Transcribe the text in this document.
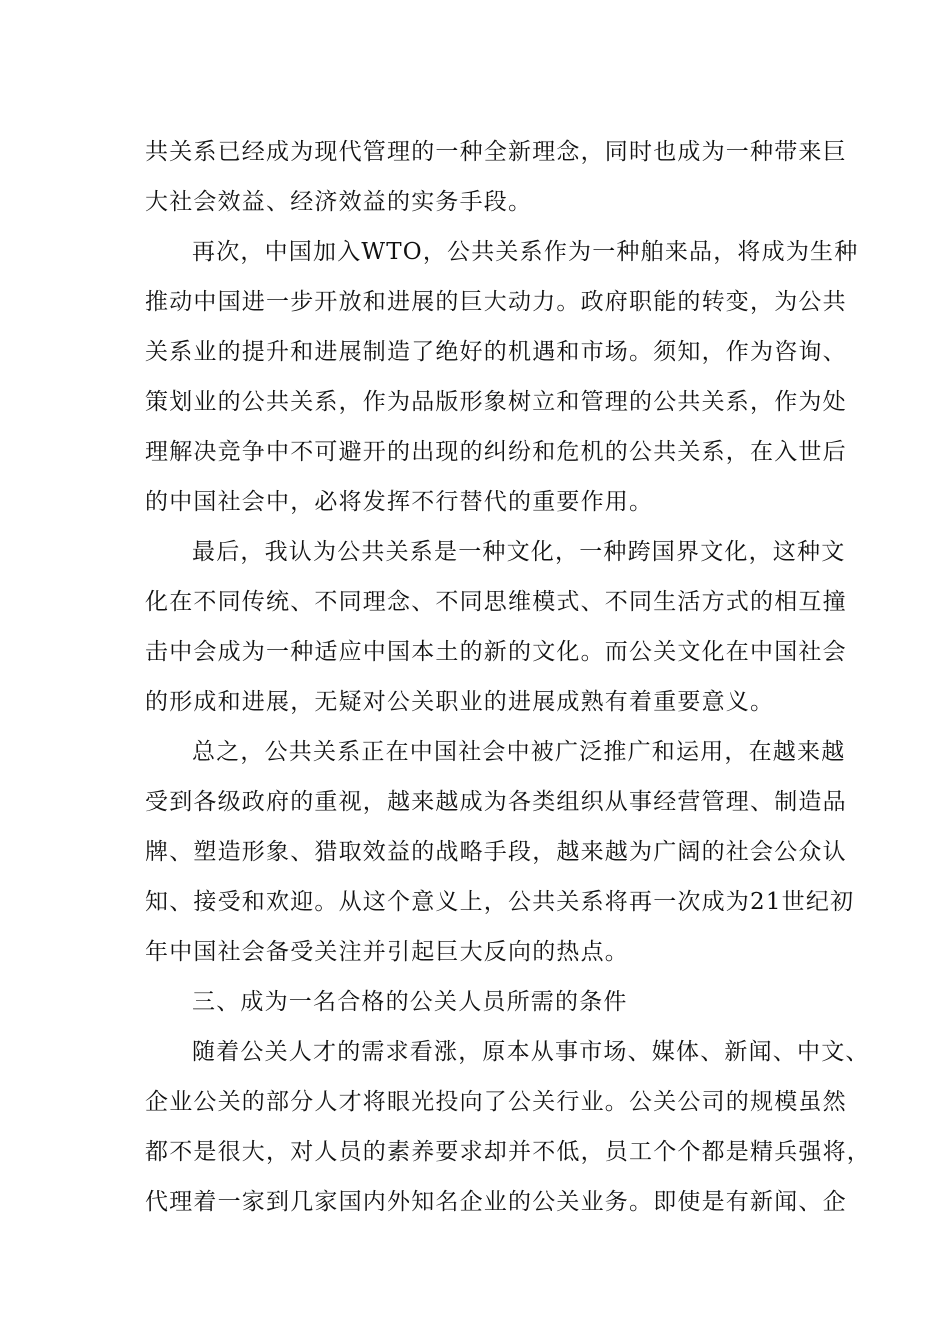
共关系已经成为现代管理的一种全新理念，同时也成为一种带来巨
大社会效益、经济效益的实务手段。
再次，中国加入WTO，公共关系作为一种舶来品，将成为生种
推动中国进一步开放和进展的巨大动力。政府职能的转变，为公共
关系业的提升和进展制造了绝好的机遇和市场。须知，作为咨询、
策划业的公共关系，作为品版形象树立和管理的公共关系，作为处
理解决竞争中不可避开的出现的纠纷和危机的公共关系，在入世后
的中国社会中，必将发挥不行替代的重要作用。
最后，我认为公共关系是一种文化，一种跨国界文化，这种文
化在不同传统、不同理念、不同思维模式、不同生活方式的相互撞
击中会成为一种适应中国本土的新的文化。而公关文化在中国社会
的形成和进展，无疑对公关职业的进展成熟有着重要意义。
总之，公共关系正在中国社会中被广泛推广和运用，在越来越
受到各级政府的重视，越来越成为各类组织从事经营管理、制造品
牌、塑造形象、猎取效益的战略手段，越来越为广阔的社会公众认
知、接受和欢迎。从这个意义上，公共关系将再一次成为21世纪初
年中国社会备受关注并引起巨大反向的热点。
三、成为一名合格的公关人员所需的条件
随着公关人才的需求看涨，原本从事市场、媒体、新闻、中文、
企业公关的部分人才将眼光投向了公关行业。公关公司的规模虽然
都不是很大，对人员的素养要求却并不低，员工个个都是精兵强将，
代理着一家到几家国内外知名企业的公关业务。即使是有新闻、企
